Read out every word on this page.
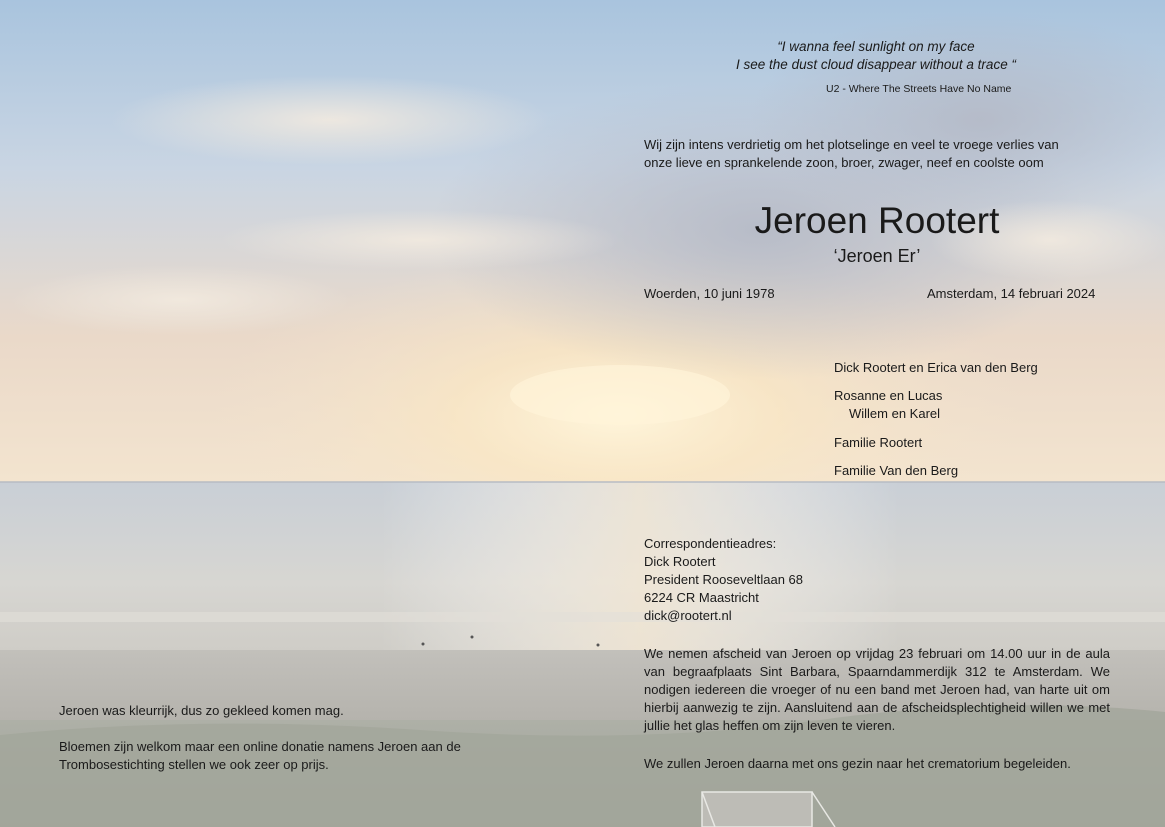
“I wanna feel sunlight on my face
I see the dust cloud disappear without a trace “
U2 - Where The Streets Have No Name
Wij zijn intens verdrietig om het plotselinge en veel te vroege verlies van
onze lieve en sprankelende zoon, broer, zwager, neef en coolste oom
Jeroen Rootert
‘Jeroen Er’
Woerden, 10 juni 1978	Amsterdam, 14 februari 2024
Dick Rootert en Erica van den Berg
Rosanne en Lucas
Willem en Karel
Familie Rootert
Familie Van den Berg
Correspondentieadres:
Dick Rootert
President Rooseveltlaan 68
6224 CR Maastricht
dick@rootert.nl
We nemen afscheid van Jeroen op vrijdag 23 februari om 14.00 uur in de aula van begraafplaats Sint Barbara, Spaarndammerdijk 312 te Amsterdam. We nodigen iedereen die vroeger of nu een band met Jeroen had, van harte uit om hierbij aanwezig te zijn. Aansluitend aan de afscheidsplechtigheid willen we met jullie het glas heffen om zijn leven te vieren.
We zullen Jeroen daarna met ons gezin naar het crematorium begeleiden.
Jeroen was kleurrijk, dus zo gekleed komen mag.
Bloemen zijn welkom maar een online donatie namens Jeroen aan de
Trombosestichting stellen we ook zeer op prijs.
